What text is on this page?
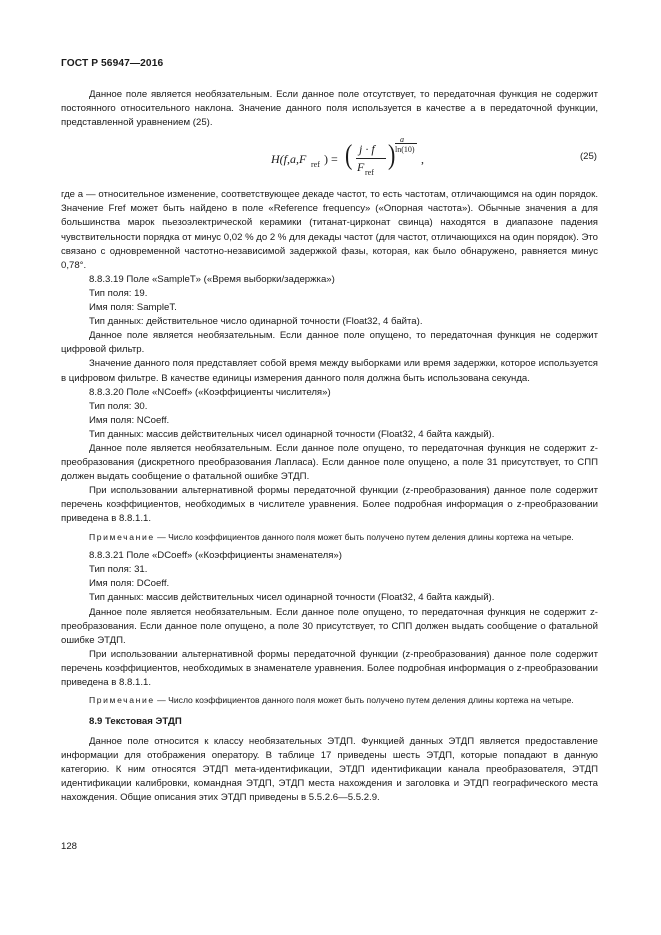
ГОСТ Р 56947—2016

Данное поле является необязательным. Если данное поле отсутствует, то передаточная функция не содержит постоянного относительного наклона. Значение данного поля используется в качестве a в передаточной функции, представленной уравнением (25).

H(f,a,F ref ) = ( j · f
F ref
) a
ln(10)
,	(25)

где a — относительное изменение, соответствующее декаде частот, то есть частотам, отличающимся на один порядок. Значение Fref может быть найдено в поле «Reference frequency» («Опорная частота»). Обычные значения a для большинства марок пьезоэлектрической керамики (титанат-цирконат свинца) находятся в диапазоне падения чувствительности порядка от минус 0,02 % до 2 % для декады частот (для частот, отличающихся на один порядок). Это связано с одновременной частотно-независимой задержкой фазы, которая, как было обнаружено, равняется минус 0,78°.

8.8.3.19 Поле «SampleT» («Время выборки/задержка»)

Тип поля: 19.

Имя поля: SampleT.

Тип данных: действительное число одинарной точности (Float32, 4 байта).

Данное поле является необязательным. Если данное поле опущено, то передаточная функция не содержит цифровой фильтр.

Значение данного поля представляет собой время между выборками или время задержки, которое используется в цифровом фильтре. В качестве единицы измерения данного поля должна быть использована секунда.

8.8.3.20 Поле «NCoeff» («Коэффициенты числителя»)

Тип поля: 30.

Имя поля: NCoeff.

Тип данных: массив действительных чисел одинарной точности (Float32, 4 байта каждый).

Данное поле является необязательным. Если данное поле опущено, то передаточная функция не содержит z-преобразования (дискретного преобразования Лапласа). Если данное поле опущено, а поле 31 присутствует, то СПП должен выдать сообщение о фатальной ошибке ЭТДП.

При использовании альтернативной формы передаточной функции (z-преобразования) данное поле содержит перечень коэффициентов, необходимых в числителе уравнения. Более подробная информация о z-преобразовании приведена в 8.8.1.1.

Примечание — Число коэффициентов данного поля может быть получено путем деления длины кортежа на четыре.

8.8.3.21 Поле «DCoeff» («Коэффициенты знаменателя»)

Тип поля: 31.

Имя поля: DCoeff.

Тип данных: массив действительных чисел одинарной точности (Float32, 4 байта каждый).

Данное поле является необязательным. Если данное поле опущено, то передаточная функция не содержит z-преобразования. Если данное поле опущено, а поле 30 присутствует, то СПП должен выдать сообщение о фатальной ошибке ЭТДП.

При использовании альтернативной формы передаточной функции (z-преобразования) данное поле содержит перечень коэффициентов, необходимых в знаменателе уравнения. Более подробная информация о z-преобразовании приведена в 8.8.1.1.

Примечание — Число коэффициентов данного поля может быть получено путем деления длины кортежа на четыре.

8.9 Текстовая ЭТДП

Данное поле относится к классу необязательных ЭТДП. Функцией данных ЭТДП является предоставление информации для отображения оператору. В таблице 17 приведены шесть ЭТДП, которые попадают в данную категорию. К ним относятся ЭТДП мета-идентификации, ЭТДП идентификации канала преобразователя, ЭТДП идентификации калибровки, командная ЭТДП, ЭТДП места нахождения и заголовка и ЭТДП географического места нахождения. Общие описания этих ЭТДП приведены в 5.5.2.6—5.5.2.9.

128
